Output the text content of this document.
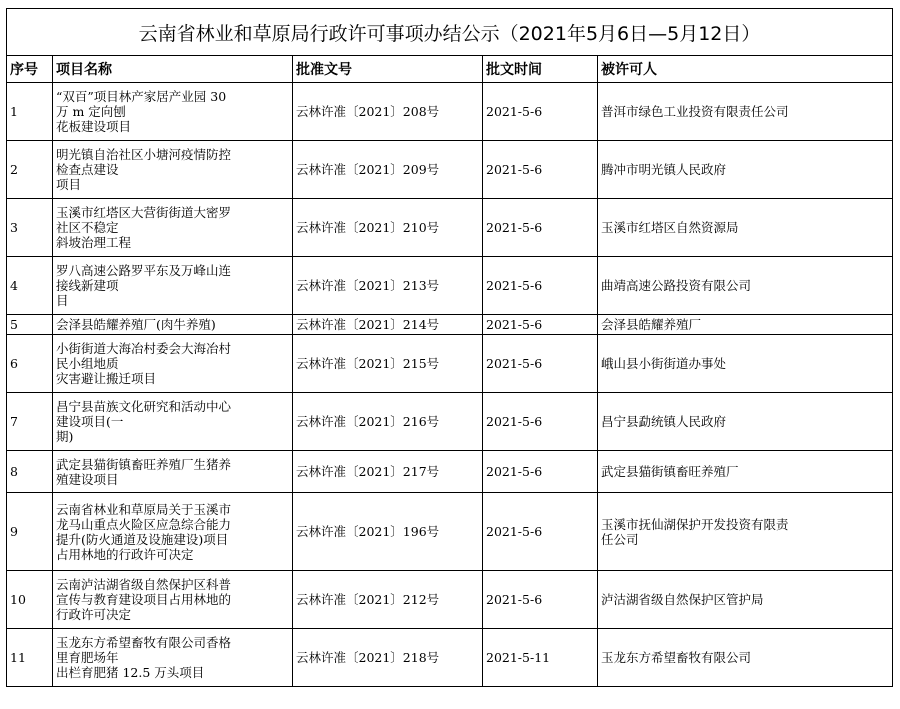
云南省林业和草原局行政许可事项办结公示（2021年5月6日—5月12日）				
序号	项目名称	批准文号	批文时间	被许可人
1	“双百”项目林产家居产业园 30
万 m 定向刨
花板建设项目	云林许准〔2021〕208号	2021-5-6	普洱市绿色工业投资有限责任公司

2	明光镇自治社区小塘河疫情防控
检查点建设
项目	云林许准〔2021〕209号	2021-5-6	腾冲市明光镇人民政府

3	玉溪市红塔区大营街街道大密罗
社区不稳定
斜坡治理工程	云林许准〔2021〕210号	2021-5-6	玉溪市红塔区自然资源局

4	罗八高速公路罗平东及万峰山连
接线新建项
目	云林许准〔2021〕213号	2021-5-6	曲靖高速公路投资有限公司

5	会泽县皓耀养殖厂(肉牛养殖)	云林许准〔2021〕214号	2021-5-6	会泽县皓耀养殖厂

6	小街街道大海冶村委会大海冶村
民小组地质
灾害避让搬迁项目	云林许准〔2021〕215号	2021-5-6	峨山县小街街道办事处

7	昌宁县苗族文化研究和活动中心
建设项目(一
期)	云林许准〔2021〕216号	2021-5-6	昌宁县勐统镇人民政府

8	武定县猫街镇畜旺养殖厂生猪养
殖建设项目	云林许准〔2021〕217号	2021-5-6	武定县猫街镇畜旺养殖厂

9	云南省林业和草原局关于玉溪市
龙马山重点火险区应急综合能力
提升(防火通道及设施建设)项目
占用林地的行政许可决定	云林许准〔2021〕196号	2021-5-6	玉溪市抚仙湖保护开发投资有限责
任公司

10	云南泸沽湖省级自然保护区科普
宣传与教育建设项目占用林地的
行政许可决定	云林许准〔2021〕212号	2021-5-6	泸沽湖省级自然保护区管护局

11	玉龙东方希望畜牧有限公司香格
里育肥场年
出栏育肥猪 12.5 万头项目	云林许准〔2021〕218号	2021-5-11	玉龙东方希望畜牧有限公司
